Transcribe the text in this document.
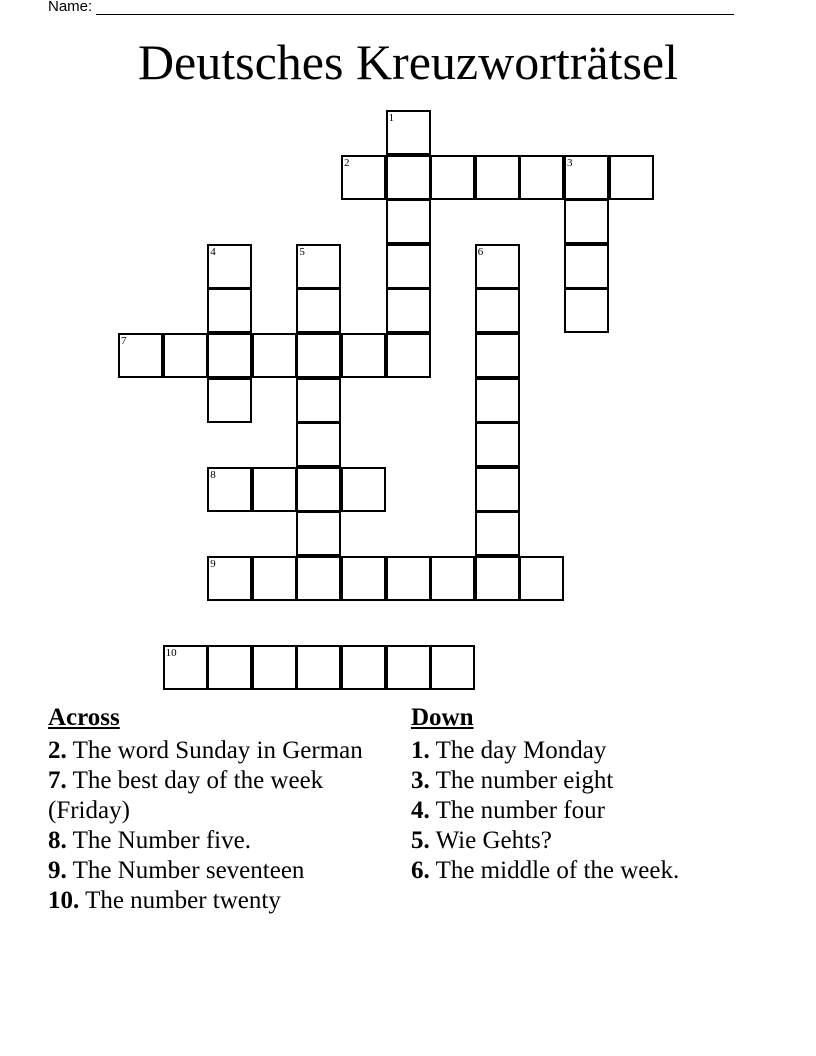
Name:
Deutsches Kreuzworträtsel
1
2	3
4	5	6
7
8
9
10
Across
2. The word Sunday in German
7. The best day of the week (Friday)
8. The Number five.
9. The Number seventeen
10. The number twenty
Down
1. The day Monday
3. The number eight
4. The number four
5. Wie Gehts?
6. The middle of the week.
